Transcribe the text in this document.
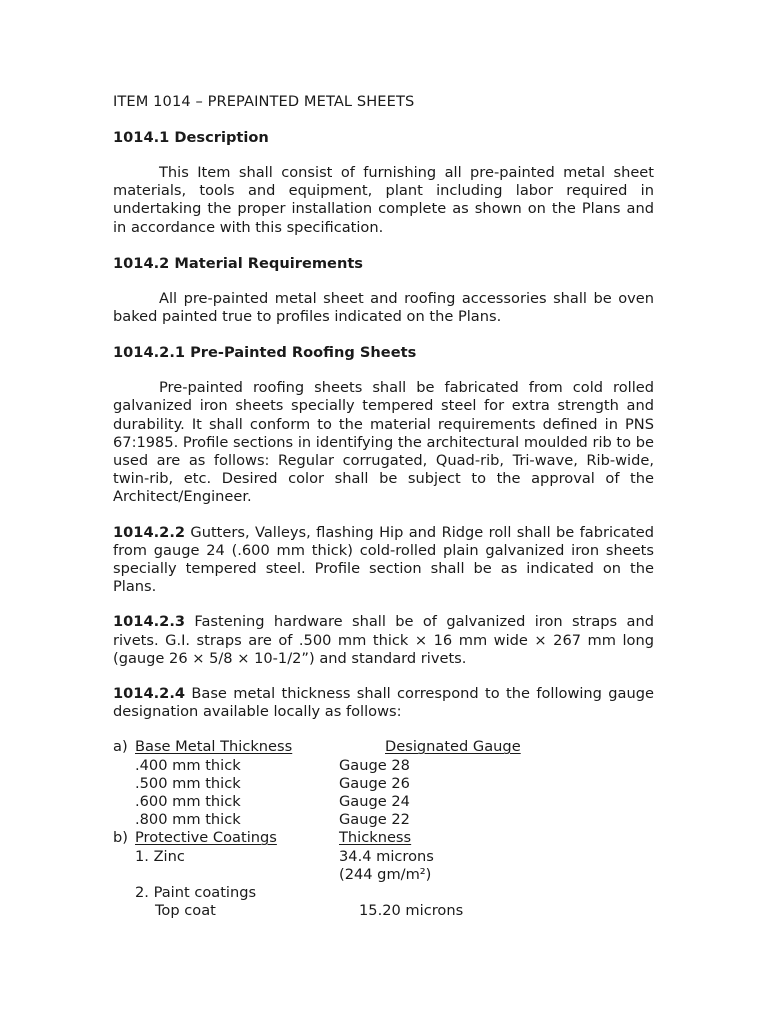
ITEM 1014 – PREPAINTED METAL SHEETS

1014.1 Description

This Item shall consist of furnishing all pre-painted metal sheet materials, tools and equipment, plant including labor required in undertaking the proper installation complete as shown on the Plans and in accordance with this specification.

1014.2 Material Requirements

All pre-painted metal sheet and roofing accessories shall be oven baked painted true to profiles indicated on the Plans.

1014.2.1 Pre-Painted Roofing Sheets

Pre-painted roofing sheets shall be fabricated from cold rolled galvanized iron sheets specially tempered steel for extra strength and durability. It shall conform to the material requirements defined in PNS 67:1985. Profile sections in identifying the architectural moulded rib to be used are as follows: Regular corrugated, Quad-rib, Tri-wave, Rib-wide, twin-rib, etc. Desired color shall be subject to the approval of the Architect/Engineer.

1014.2.2 Gutters, Valleys, flashing Hip and Ridge roll shall be fabricated from gauge 24 (.600 mm thick) cold-rolled plain galvanized iron sheets specially tempered steel. Profile section shall be as indicated on the Plans.

1014.2.3 Fastening hardware shall be of galvanized iron straps and rivets. G.I. straps are of .500 mm thick × 16 mm wide × 267 mm long (gauge 26 × 5/8 × 10-1/2”) and standard rivets.

1014.2.4 Base metal thickness shall correspond to the following gauge designation available locally as follows:

a) Base Metal Thickness	Designated Gauge
.400 mm thick	Gauge 28
.500 mm thick	Gauge 26
.600 mm thick	Gauge 24
.800 mm thick	Gauge 22
b) Protective Coatings	Thickness
1. Zinc	34.4 microns
(244 gm/m²)
2. Paint coatings
Top coat	15.20 microns
